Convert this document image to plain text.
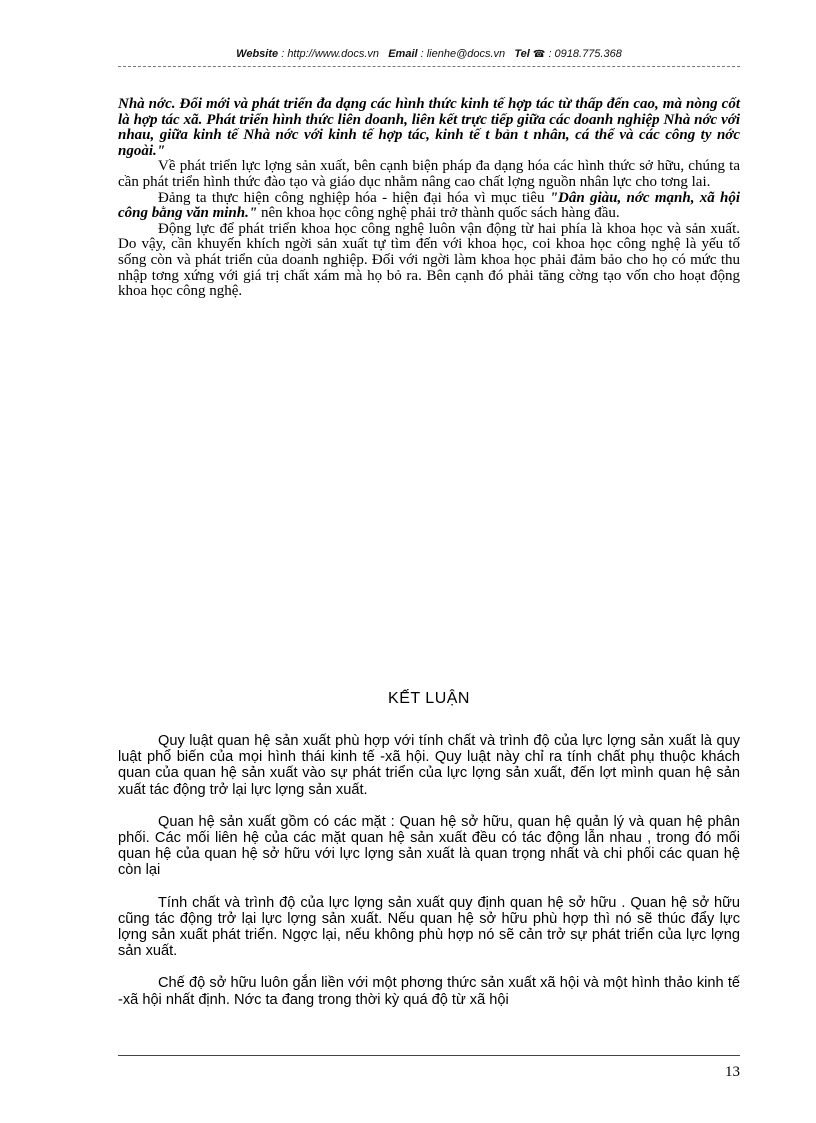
Website : http://www.docs.vn Email : lienhe@docs.vn Tel ☎ : 0918.775.368

Nhà nớc. Đổi mới và phát triển đa dạng các hình thức kinh tế hợp tác từ thấp đến cao, mà nòng cốt là hợp tác xã. Phát triển hình thức liên doanh, liên kết trực tiếp giữa các doanh nghiệp Nhà nớc với nhau, giữa kinh tế Nhà nớc với kinh tế hợp tác, kinh tế t bản t nhân, cá thể và các công ty nớc ngoài."

Về phát triển lực lợng sản xuất, bên cạnh biện pháp đa dạng hóa các hình thức sở hữu, chúng ta cần phát triển hình thức đào tạo và giáo dục nhằm nâng cao chất lợng nguồn nhân lực cho tơng lai.

Đảng ta thực hiện công nghiệp hóa - hiện đại hóa vì mục tiêu "Dân giàu, nớc mạnh, xã hội công bằng văn minh." nên khoa học công nghệ phải trở thành quốc sách hàng đầu.

Động lực để phát triển khoa học công nghệ luôn vận động từ hai phía là khoa học và sản xuất. Do vậy, cần khuyến khích ngời sản xuất tự tìm đến với khoa học, coi khoa học công nghệ là yếu tố sống còn và phát triển của doanh nghiệp. Đối với ngời làm khoa học phải đảm bảo cho họ có mức thu nhập tơng xứng với giá trị chất xám mà họ bỏ ra. Bên cạnh đó phải tăng cờng tạo vốn cho hoạt động khoa học công nghệ.

KẾT LUẬN

Quy luật quan hệ sản xuất phù hợp với tính chất và trình độ của lực lợng sản xuất là quy luật phổ biến của mọi hình thái kinh tế -xã hội. Quy luật này chỉ ra tính chất phụ thuộc khách quan của quan hệ sản xuất vào sự phát triển của lực lợng sản xuất, đến lợt mình quan hệ sản xuất tác động trở lại lực lợng sản xuất.

Quan hệ sản xuất gồm có các mặt : Quan hệ sở hữu, quan hệ quản lý và quan hệ phân phối. Các mối liên hệ của các mặt quan hệ sản xuất đều có tác động lẫn nhau , trong đó mối quan hệ của quan hệ sở hữu với lực lợng sản xuất là quan trọng nhất và chi phối các quan hệ còn lại

Tính chất và trình độ của lực lợng sản xuất quy định quan hệ sở hữu . Quan hệ sở hữu cũng tác động trở lại lực lợng sản xuất. Nếu quan hệ sở hữu phù hợp thì nó sẽ thúc đẩy lực lợng sản xuất phát triển. Ngợc lại, nếu không phù hợp nó sẽ cản trở sự phát triển của lực lợng sản xuất.

Chế độ sở hữu luôn gắn liền với một phơng thức sản xuất xã hội và một hình thảo kinh tế -xã hội nhất định. Nớc ta đang trong thời kỳ quá độ từ xã hội

13
